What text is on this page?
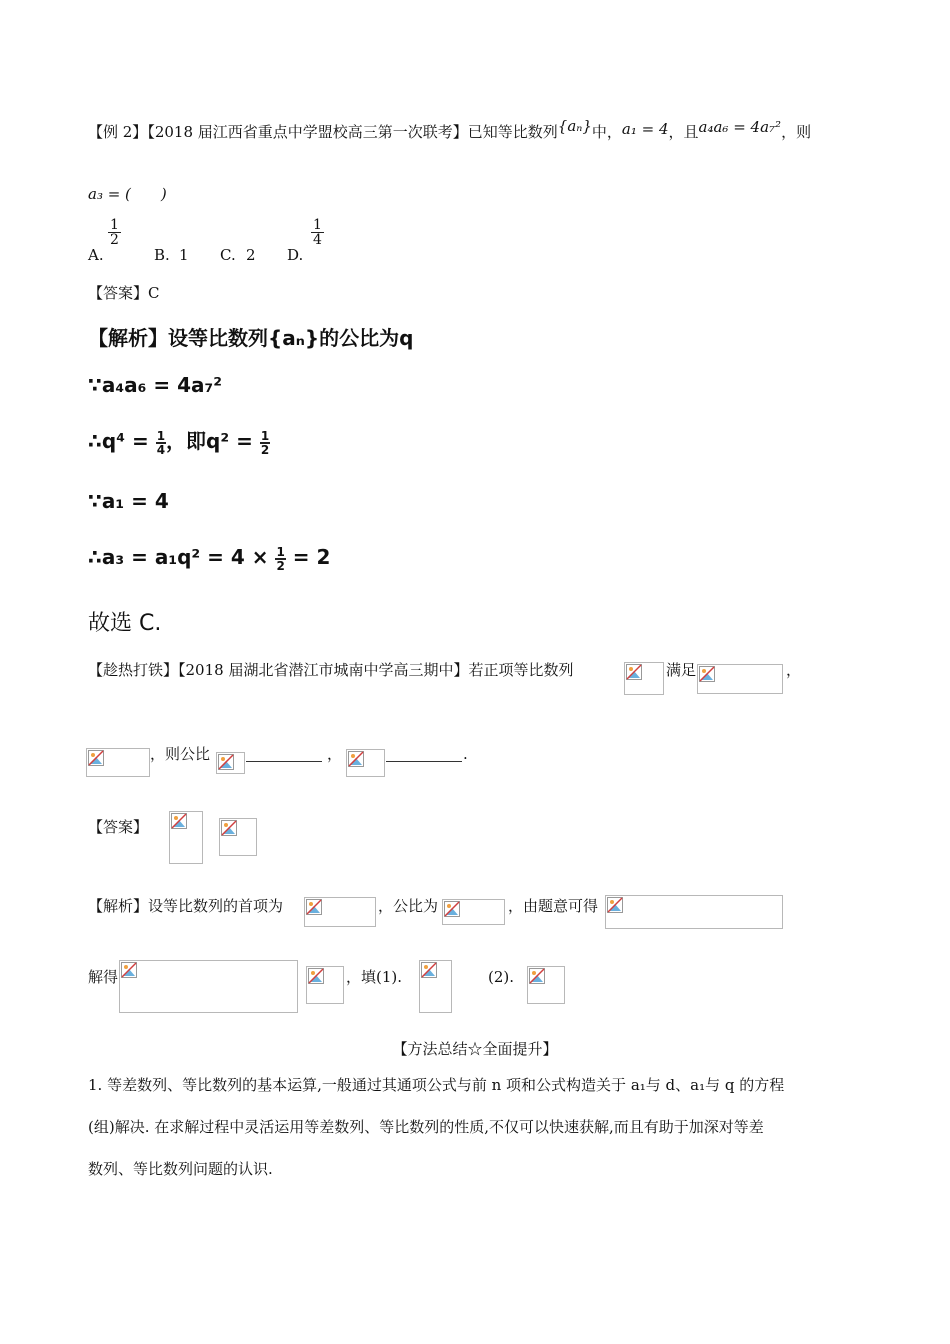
【例 2】【2018 届江西省重点中学盟校高三第一次联考】已知等比数列{aₙ}中，a₁ = 4，且a₄a₆ = 4a₇²，则
a₃ = (　　)
A.
$\frac{1}{2}$
B. 1 C. 2 D.
$\frac{1}{4}$
【答案】C
【解析】设等比数列{aₙ}的公比为q
∵a₄a₆ = 4a₇²
∴q⁴ = $\frac{1}{4}$ ，即$q^2 = \frac{1}{2}$
∵a₁ = 4
∴a₃ = $a_1q^2 = 4 \times \frac{1}{2} = 2$
故选 C.
【趁热打铁】【2018 届湖北省潜江市城南中学高三期中】若正项等比数列	满足	，
，则公比	，	.
【答案】
【解析】设等比数列的首项为	，公比为	，由题意可得
解得	，填(1).	(2).
【方法总结☆全面提升】
1. 等差数列、等比数列的基本运算,一般通过其通项公式与前 n 项和公式构造关于 a₁与 d、a₁与 q 的方程
(组)解决. 在求解过程中灵活运用等差数列、等比数列的性质,不仅可以快速获解,而且有助于加深对等差
数列、等比数列问题的认识.
